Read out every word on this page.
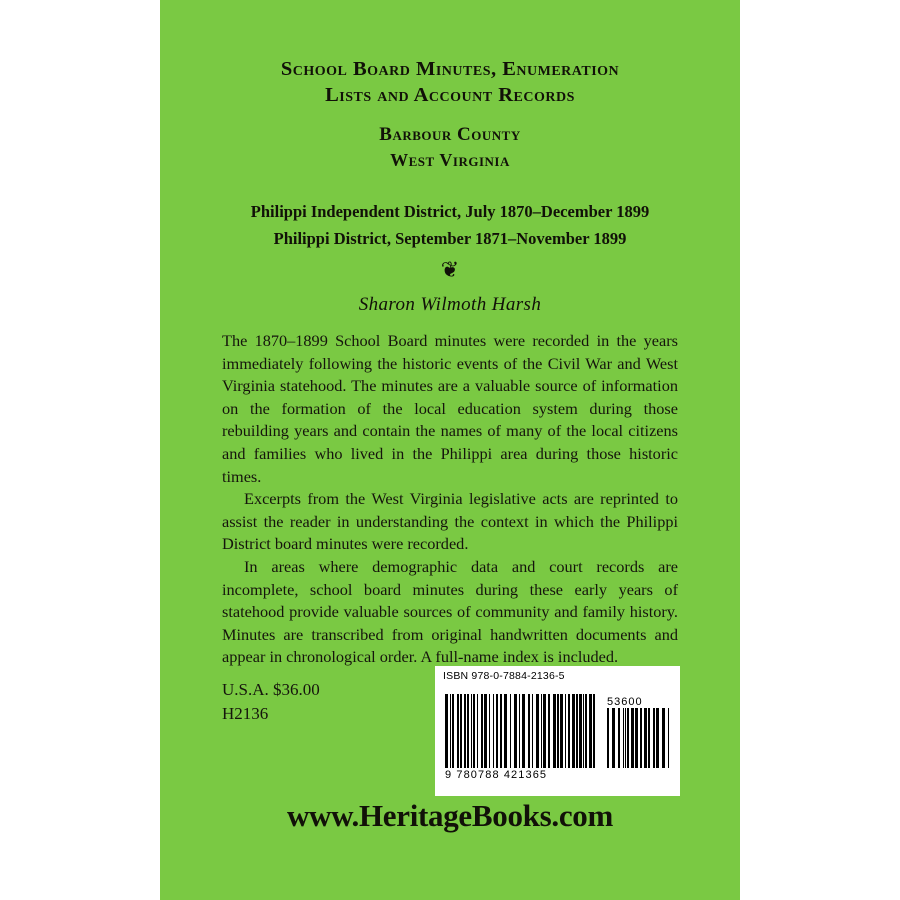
School Board Minutes, Enumeration
Lists and Account Records
Barbour County
West Virginia
Philippi Independent District, July 1870–December 1899
Philippi District, September 1871–November 1899
❦
Sharon Wilmoth Harsh

The 1870–1899 School Board minutes were recorded in the years immediately following the historic events of the Civil War and West Virginia statehood. The minutes are a valuable source of information on the formation of the local education system during those rebuilding years and contain the names of many of the local citizens and families who lived in the Philippi area during those historic times.

Excerpts from the West Virginia legislative acts are reprinted to assist the reader in understanding the context in which the Philippi District board minutes were recorded.

In areas where demographic data and court records are incomplete, school board minutes during these early years of statehood provide valuable sources of community and family history. Minutes are transcribed from original handwritten documents and appear in chronological order. A full-name index is included.

U.S.A. $36.00
H2136
ISBN 978-0-7884-2136-5
9 780788 421365
53600
www.HeritageBooks.com
